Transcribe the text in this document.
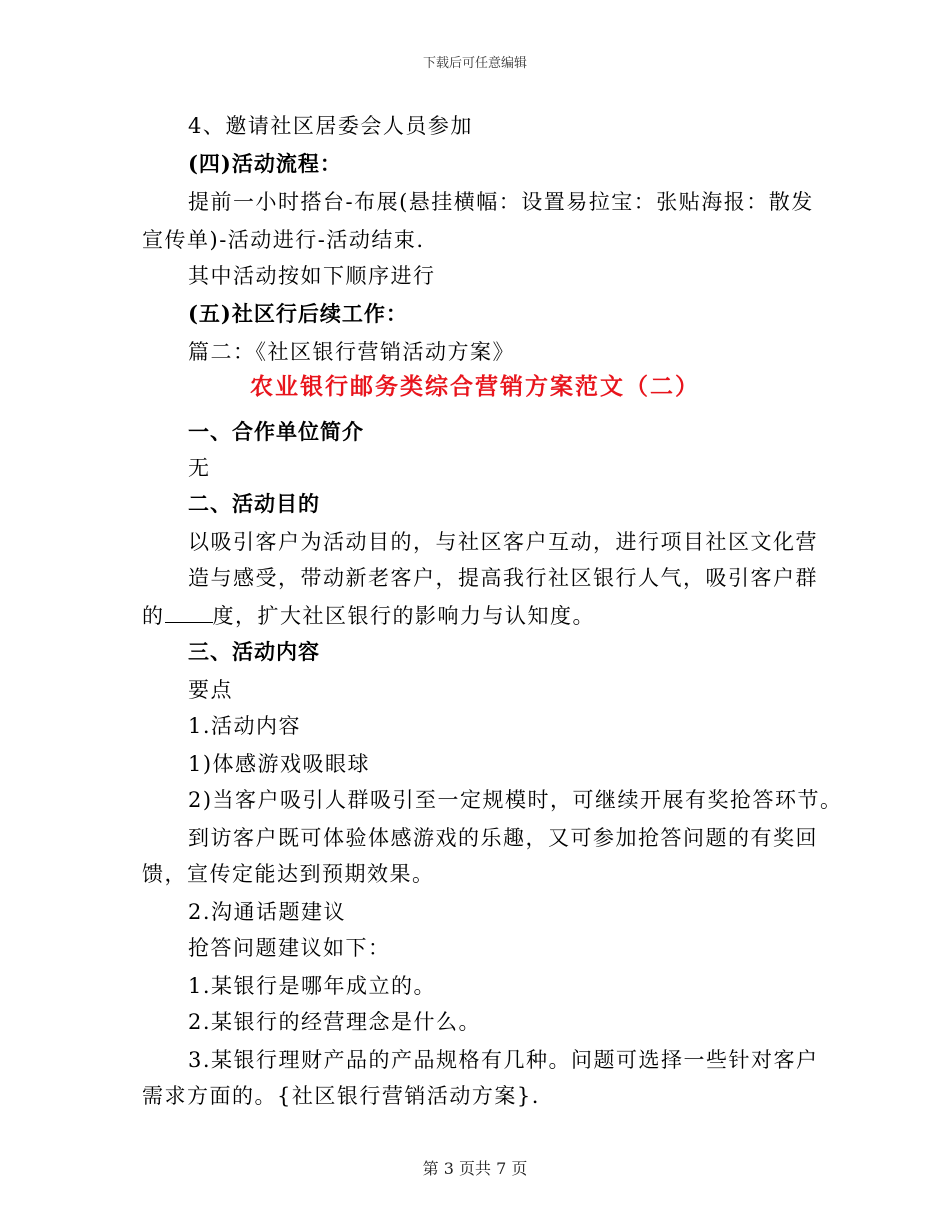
下载后可任意编辑
4、邀请社区居委会人员参加
(四)活动流程：
提前一小时搭台-布展(悬挂横幅：设置易拉宝：张贴海报：散发
宣传单)-活动进行-活动结束.
其中活动按如下顺序进行
(五)社区行后续工作：
篇二：《社区银行营销活动方案》
农业银行邮务类综合营销方案范文（二）
一、合作单位简介
无
二、活动目的
以吸引客户为活动目的，与社区客户互动，进行项目社区文化营
造与感受，带动新老客户，提高我行社区银行人气，吸引客户群
的 度，扩大社区银行的影响力与认知度。
三、活动内容
要点
1.活动内容
1)体感游戏吸眼球
2)当客户吸引人群吸引至一定规模时，可继续开展有奖抢答环节。
到访客户既可体验体感游戏的乐趣，又可参加抢答问题的有奖回
馈，宣传定能达到预期效果。
2.沟通话题建议
抢答问题建议如下：
1.某银行是哪年成立的。
2.某银行的经营理念是什么。
3.某银行理财产品的产品规格有几种。问题可选择一些针对客户
需求方面的。{社区银行营销活动方案}.
第 3 页共 7 页
